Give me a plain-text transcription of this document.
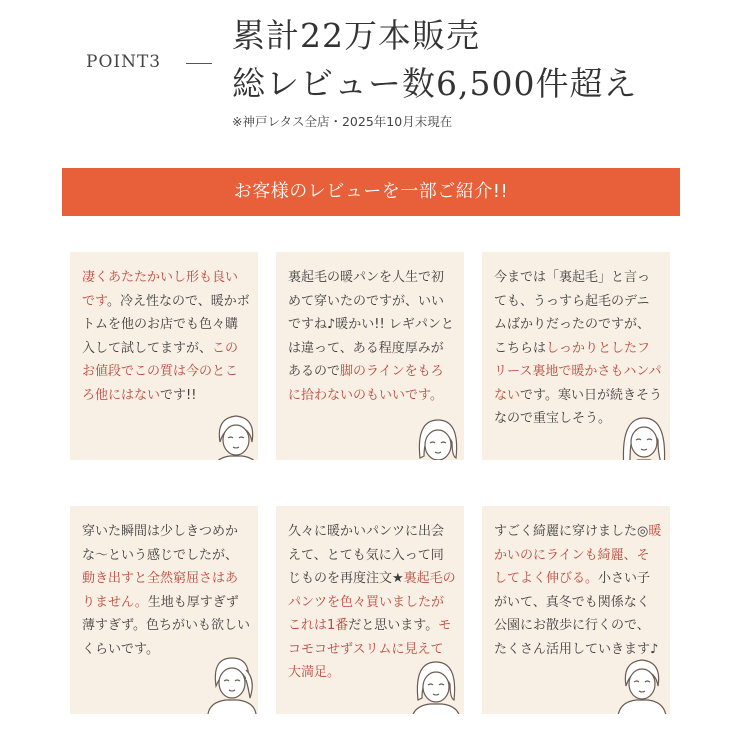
POINT3
累計22万本販売
総レビュー数6,500件超え
※神戸レタス全店・2025年10月末現在
お客様のレビューを一部ご紹介!!
凄くあたたかいし形も良いです。冷え性なので、暖かボトムを他のお店でも色々購入して試してますが、このお値段でこの質は今のところ他にはないです!!
裏起毛の暖パンを人生で初めて穿いたのですが、いいですね♪暖かい!! レギパンとは違って、ある程度厚みがあるので脚のラインをもろに拾わないのもいいです。
今までは「裏起毛」と言っても、うっすら起毛のデニムばかりだったのですが、こちらはしっかりとしたフリース裏地で暖かさもハンパないです。寒い日が続きそうなので重宝しそう。
穿いた瞬間は少しきつめかな〜という感じでしたが、動き出すと全然窮屈さはありません。生地も厚すぎず薄すぎず。色ちがいも欲しいくらいです。
久々に暖かいパンツに出会えて、とても気に入って同じものを再度注文★裏起毛のパンツを色々買いましたがこれは1番だと思います。モコモコせずスリムに見えて大満足。
すごく綺麗に穿けました◎暖かいのにラインも綺麗、そしてよく伸びる。小さい子がいて、真冬でも関係なく公園にお散歩に行くので、たくさん活用していきます♪
